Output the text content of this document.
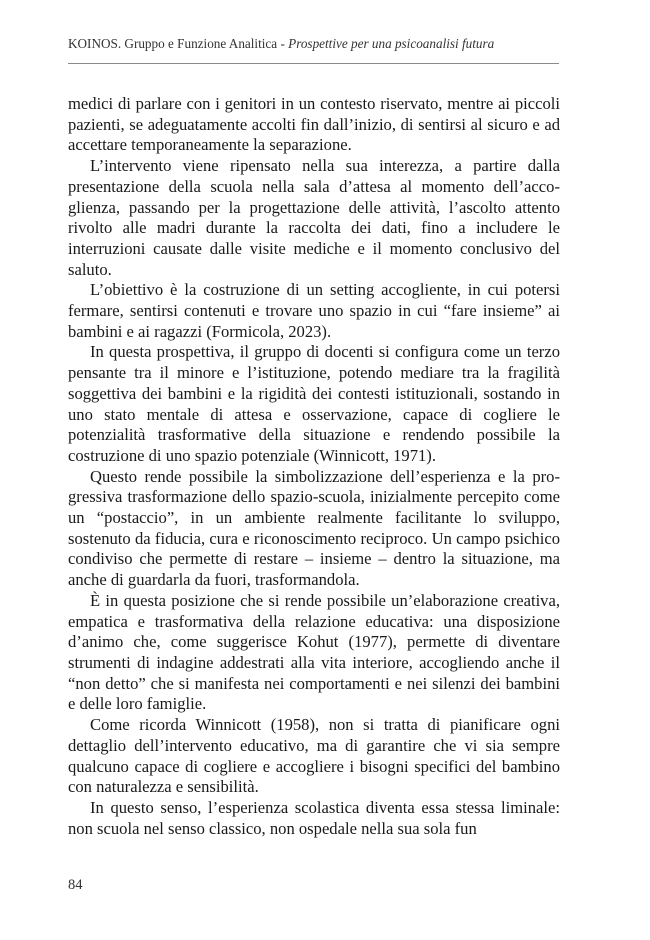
KOINOS. Gruppo e Funzione Analitica - Prospettive per una psicoanalisi futura

medici di parlare con i genitori in un contesto riservato, mentre ai piccoli pazienti, se adeguatamente accolti fin dall’inizio, di sentirsi al sicuro e ad accettare temporaneamente la separazione.

L’intervento viene ripensato nella sua interezza, a partire dalla presentazione della scuola nella sala d’attesa al momento dell’accoglienza, passando per la progettazione delle attività, l’ascolto attento rivolto alle madri durante la raccolta dei dati, fino a includere le interruzioni causate dalle visite mediche e il momento conclusivo del saluto.

L’obiettivo è la costruzione di un setting accogliente, in cui potersi fermare, sentirsi contenuti e trovare uno spazio in cui “fare insieme” ai bambini e ai ragazzi (Formicola, 2023).

In questa prospettiva, il gruppo di docenti si configura come un terzo pensante tra il minore e l’istituzione, potendo mediare tra la fragilità soggettiva dei bambini e la rigidità dei contesti istituzionali, sostando in uno stato mentale di attesa e osservazione, capace di cogliere le potenzialità trasformative della situazione e rendendo possibile la costruzione di uno spazio potenziale (Winnicott, 1971).

Questo rende possibile la simbolizzazione dell’esperienza e la progressiva trasformazione dello spazio-scuola, inizialmente percepito come un “postaccio”, in un ambiente realmente facilitante lo sviluppo, sostenuto da fiducia, cura e riconoscimento reciproco. Un campo psichico condiviso che permette di restare – insieme – dentro la situazione, ma anche di guardarla da fuori, trasformandola.

È in questa posizione che si rende possibile un’elaborazione creativa, empatica e trasformativa della relazione educativa: una disposizione d’animo che, come suggerisce Kohut (1977), permette di diventare strumenti di indagine addestrati alla vita interiore, accogliendo anche il “non detto” che si manifesta nei comportamenti e nei silenzi dei bambini e delle loro famiglie.

Come ricorda Winnicott (1958), non si tratta di pianificare ogni dettaglio dell’intervento educativo, ma di garantire che vi sia sempre qualcuno capace di cogliere e accogliere i bisogni specifici del bambino con naturalezza e sensibilità.

In questo senso, l’esperienza scolastica diventa essa stessa liminale: non scuola nel senso classico, non ospedale nella sua sola fun

84
